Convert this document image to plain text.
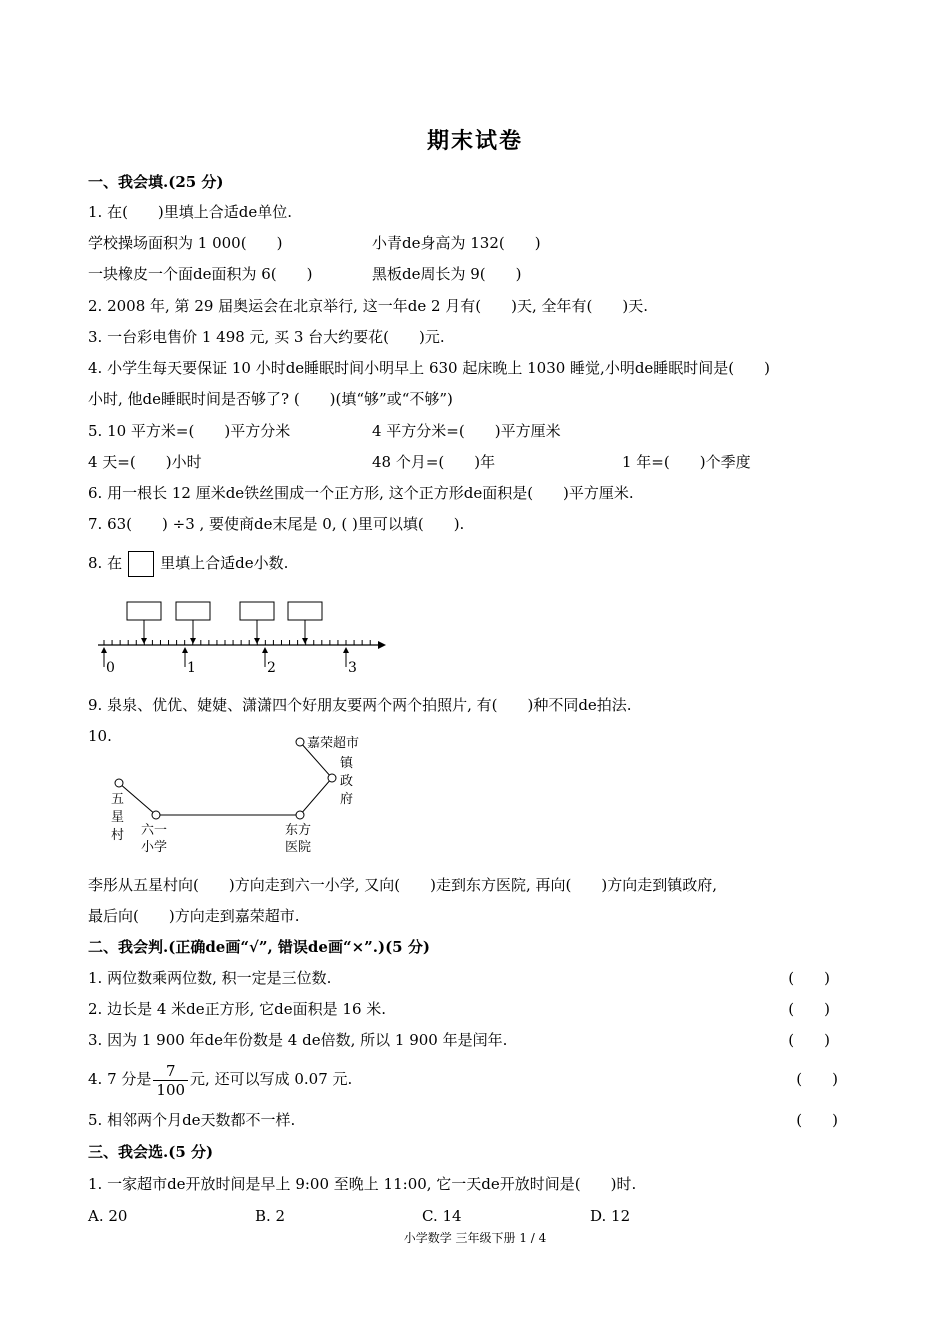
期末试卷
一、我会填.(25 分)
1. 在(　　)里填上合适de单位.
学校操场面积为 1 000(　　)	小青de身高为 132(　　)
一块橡皮一个面de面积为 6(　　)	黑板de周长为 9(　　)
2. 2008 年, 第 29 届奥运会在北京举行, 这一年de 2 月有(　　)天, 全年有(　　)天.
3. 一台彩电售价 1 498 元, 买 3 台大约要花(　　)元.
4. 小学生每天要保证 10 小时de睡眠时间小明早上 630 起床晚上 1030 睡觉,小明de睡眠时间是(　　)
小时, 他de睡眠时间是否够了? (　　)(填“够”或“不够”)
5. 10 平方米=(　　)平方分米	4 平方分米=(　　)平方厘米
4 天=(　　)小时	48 个月=(　　)年	1 年=(　　)个季度
6. 用一根长 12 厘米de铁丝围成一个正方形, 这个正方形de面积是(　　)平方厘米.
7. 63(　　) ÷3 , 要使商de末尾是 0, ( )里可以填(　　).
8. 在	里填上合适de小数.
0	1	2	3
9. 泉泉、优优、婕婕、潇潇四个好朋友要两个两个拍照片, 有(　　)种不同de拍法.
10.	嘉荣超市
镇
政
府
五
星
村 六一
小学
东方
医院
李彤从五星村向(　　)方向走到六一小学, 又向(　　)走到东方医院, 再向(　　)方向走到镇政府,
最后向(　　)方向走到嘉荣超市.
二、我会判.(正确de画“√”, 错误de画“×”.)(5 分)
1. 两位数乘两位数, 积一定是三位数.	(　　)
2. 边长是 4 米de正方形, 它de面积是 16 米.	(　　)
3. 因为 1 900 年de年份数是 4 de倍数, 所以 1 900 年是闰年.	(　　)
4. 7 分是 $\frac{7}{100}$ 元, 还可以写成 0.07 元.	(　　)
5. 相邻两个月de天数都不一样.	(　　)
三、我会选.(5 分)
1. 一家超市de开放时间是早上 9:00 至晚上 11:00, 它一天de开放时间是(　　)时.
A. 20	B. 2	C. 14	D. 12
小学数学 三年级下册 1 / 4
